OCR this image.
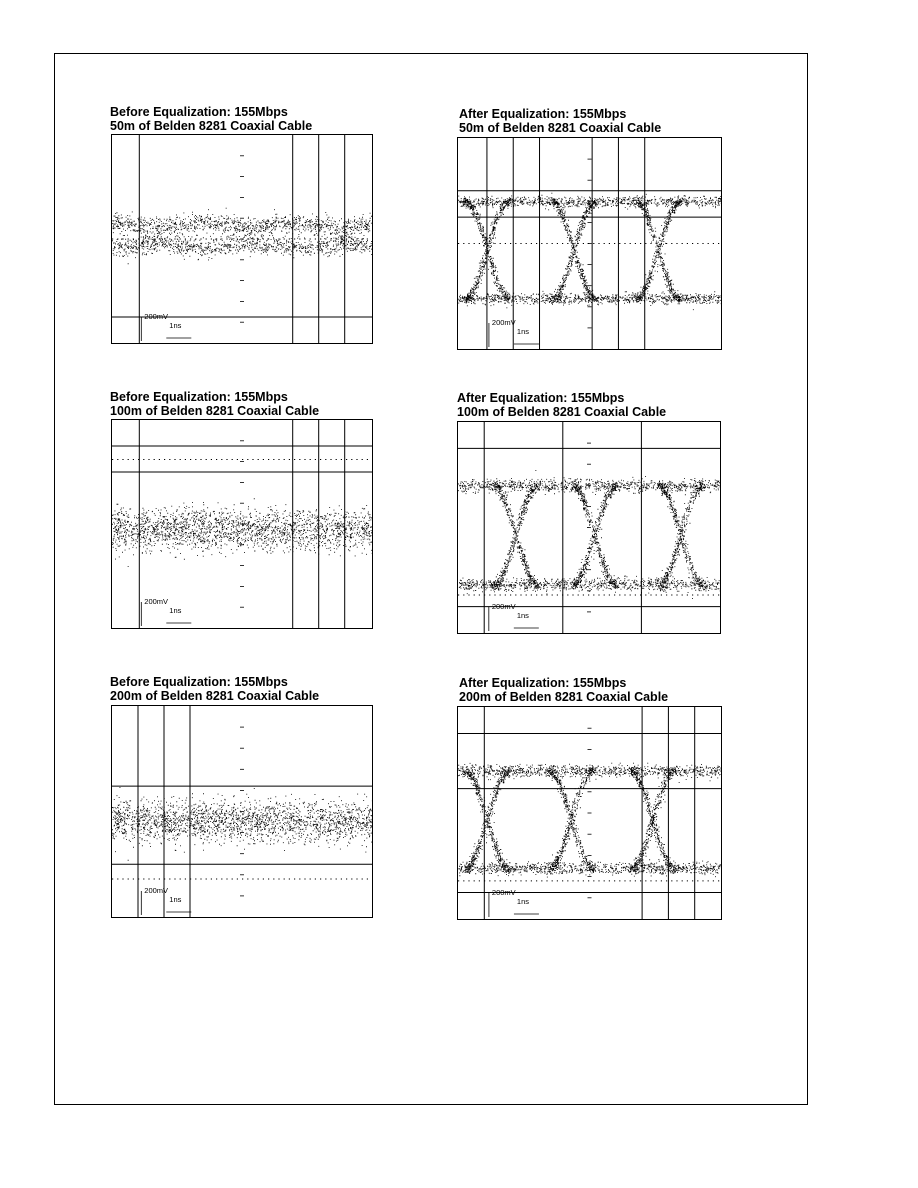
Before Equalization: 155Mbps
50m of Belden 8281 Coaxial Cable
200mV
1ns
After Equalization: 155Mbps
50m of Belden 8281 Coaxial Cable
200mV
1ns
Before Equalization: 155Mbps
100m of Belden 8281 Coaxial Cable
200mV
1ns
After Equalization: 155Mbps
100m of Belden 8281 Coaxial Cable
200mV
1ns
Before Equalization: 155Mbps
200m of Belden 8281 Coaxial Cable
200mV
1ns
After Equalization: 155Mbps
200m of Belden 8281 Coaxial Cable
200mV
1ns
